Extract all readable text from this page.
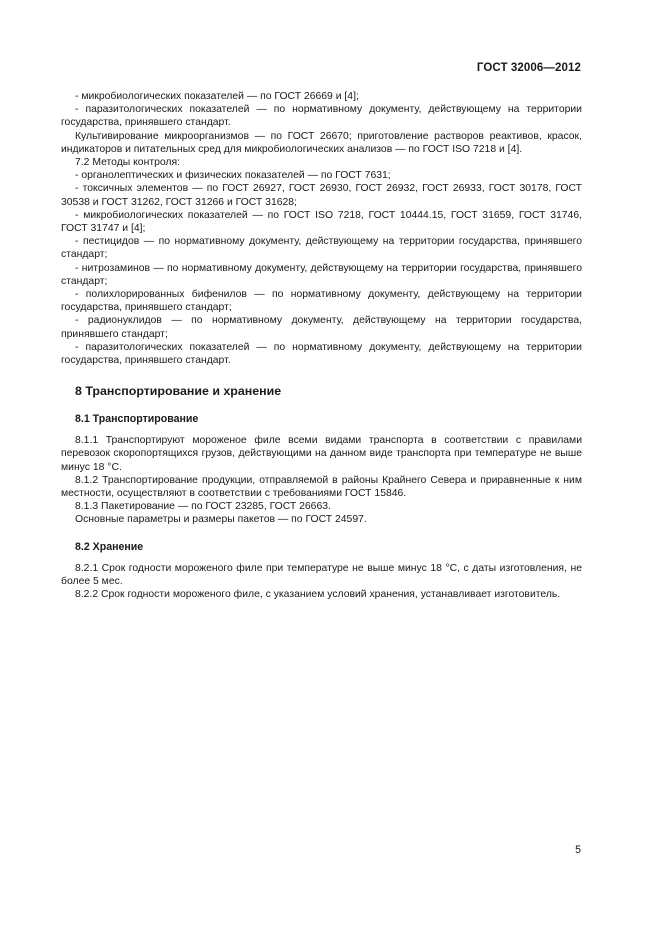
ГОСТ 32006—2012

- микробиологических показателей — по ГОСТ 26669 и [4];

- паразитологических показателей — по нормативному документу, действующему на территории государства, принявшего стандарт.

Культивирование микроорганизмов — по ГОСТ 26670; приготовление растворов реактивов, красок, индикаторов и питательных сред для микробиологических анализов — по ГОСТ ISO 7218 и [4].

7.2 Методы контроля:

- органолептических и физических показателей — по ГОСТ 7631;

- токсичных элементов — по ГОСТ 26927, ГОСТ 26930, ГОСТ 26932, ГОСТ 26933, ГОСТ 30178, ГОСТ 30538 и ГОСТ 31262, ГОСТ 31266 и ГОСТ 31628;

- микробиологических показателей — по ГОСТ ISO 7218, ГОСТ 10444.15, ГОСТ 31659, ГОСТ 31746, ГОСТ 31747 и [4];

- пестицидов — по нормативному документу, действующему на территории государства, принявшего стандарт;

- нитрозаминов — по нормативному документу, действующему на территории государства, принявшего стандарт;

- полихлорированных бифенилов — по нормативному документу, действующему на территории государства, принявшего стандарт;

- радионуклидов — по нормативному документу, действующему на территории государства, принявшего стандарт;

- паразитологических показателей — по нормативному документу, действующему на территории государства, принявшего стандарт.

8 Транспортирование и хранение
8.1 Транспортирование

8.1.1 Транспортируют мороженое филе всеми видами транспорта в соответствии с правилами перевозок скоропортящихся грузов, действующими на данном виде транспорта при температуре не выше минус 18 °С.

8.1.2 Транспортирование продукции, отправляемой в районы Крайнего Севера и приравненные к ним местности, осуществляют в соответствии с требованиями ГОСТ 15846.

8.1.3 Пакетирование — по ГОСТ 23285, ГОСТ 26663.

Основные параметры и размеры пакетов — по ГОСТ 24597.

8.2 Хранение

8.2.1 Срок годности мороженого филе при температуре не выше минус 18 °С, с даты изготовления, не более 5 мес.

8.2.2 Срок годности мороженого филе, с указанием условий хранения, устанавливает изготовитель.

5
